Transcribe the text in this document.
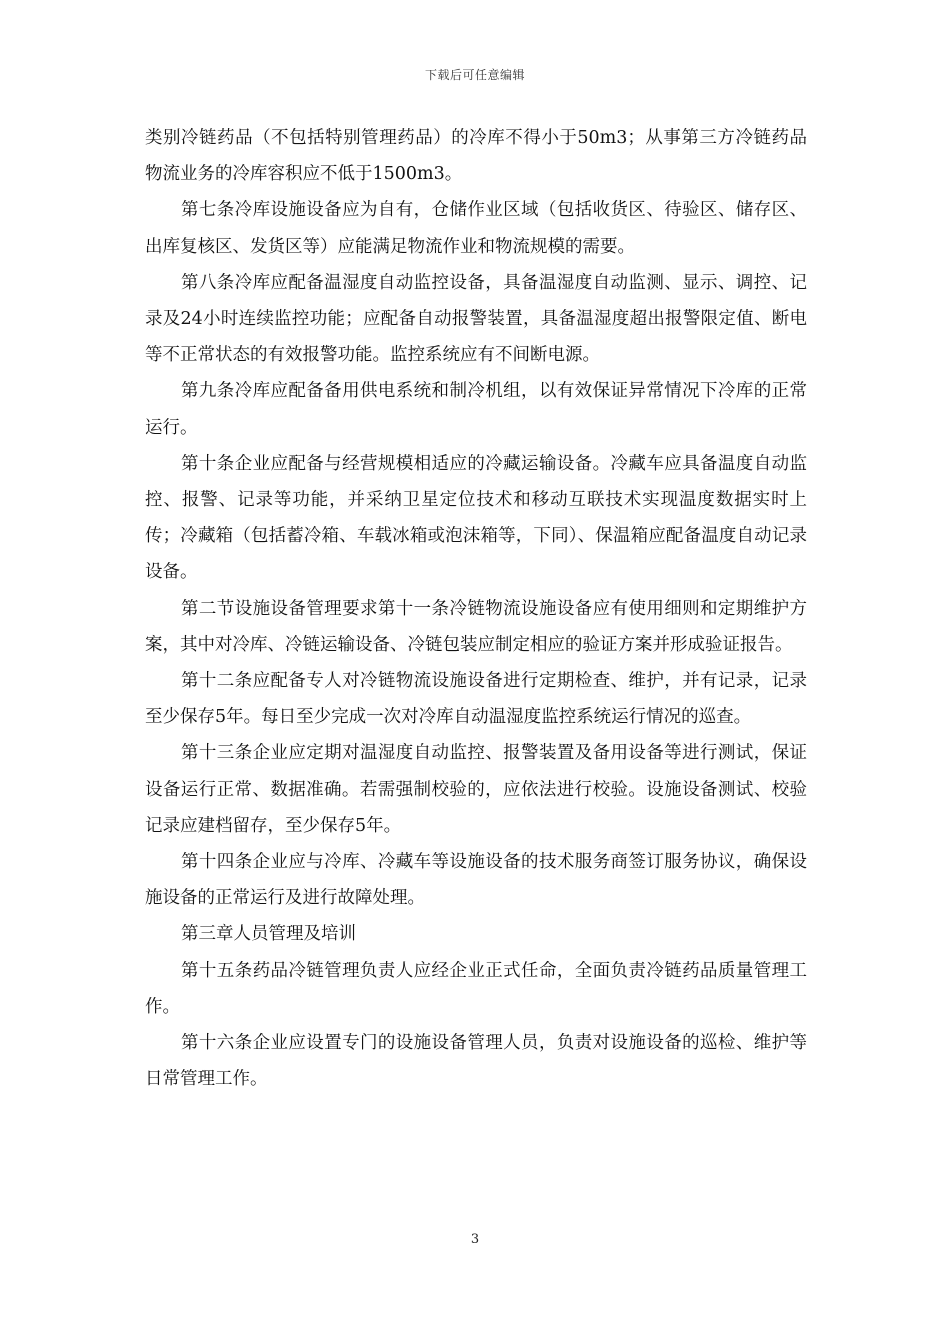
下载后可任意编辑

类别冷链药品（不包括特别管理药品）的冷库不得小于50m3；从事第三方冷链药品物流业务的冷库容积应不低于1500m3。

第七条冷库设施设备应为自有，仓储作业区域（包括收货区、待验区、储存区、出库复核区、发货区等）应能满足物流作业和物流规模的需要。

第八条冷库应配备温湿度自动监控设备，具备温湿度自动监测、显示、调控、记录及24小时连续监控功能；应配备自动报警装置，具备温湿度超出报警限定值、断电等不正常状态的有效报警功能。监控系统应有不间断电源。

第九条冷库应配备备用供电系统和制冷机组，以有效保证异常情况下冷库的正常运行。

第十条企业应配备与经营规模相适应的冷藏运输设备。冷藏车应具备温度自动监控、报警、记录等功能，并采纳卫星定位技术和移动互联技术实现温度数据实时上传；冷藏箱（包括蓄冷箱、车载冰箱或泡沫箱等，下同）、保温箱应配备温度自动记录设备。

第二节设施设备管理要求第十一条冷链物流设施设备应有使用细则和定期维护方案，其中对冷库、冷链运输设备、冷链包装应制定相应的验证方案并形成验证报告。

第十二条应配备专人对冷链物流设施设备进行定期检查、维护，并有记录，记录至少保存5年。每日至少完成一次对冷库自动温湿度监控系统运行情况的巡查。

第十三条企业应定期对温湿度自动监控、报警装置及备用设备等进行测试，保证设备运行正常、数据准确。若需强制校验的，应依法进行校验。设施设备测试、校验记录应建档留存，至少保存5年。

第十四条企业应与冷库、冷藏车等设施设备的技术服务商签订服务协议，确保设施设备的正常运行及进行故障处理。

第三章人员管理及培训

第十五条药品冷链管理负责人应经企业正式任命，全面负责冷链药品质量管理工作。

第十六条企业应设置专门的设施设备管理人员，负责对设施设备的巡检、维护等日常管理工作。

3
